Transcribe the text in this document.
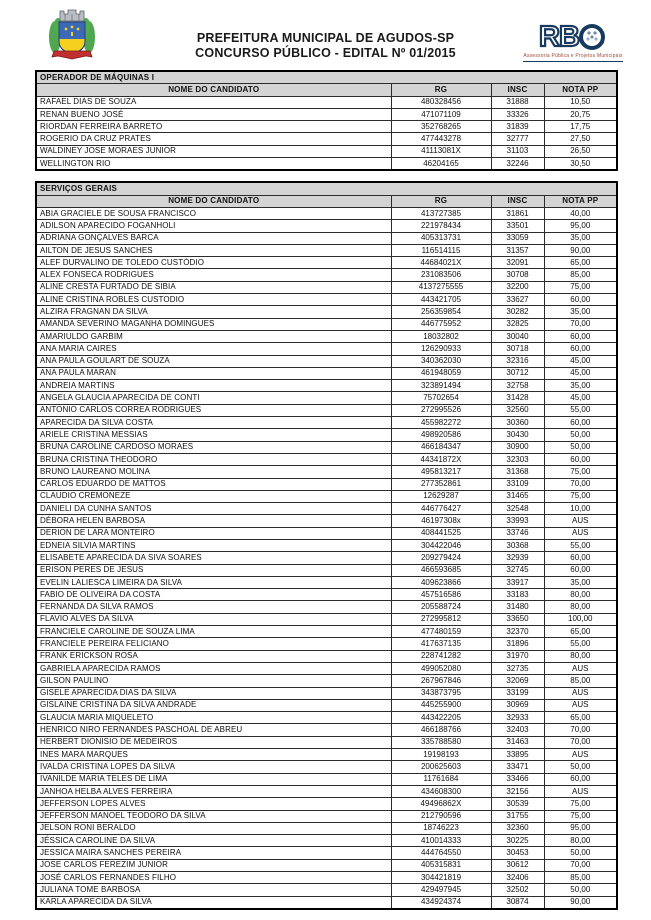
PREFEITURA MUNICIPAL DE AGUDOS-SP
CONCURSO PÚBLICO - EDITAL Nº 01/2015	RB
Assessoria Pública e Projetos Municipais
OPERADOR DE MÁQUINAS I			
NOME DO CANDIDATO	RG	INSC	NOTA PP
RAFAEL DIAS DE SOUZA	480328456	31888	10,50
RENAN BUENO JOSÉ	471071109	33326	20,75
RIORDAN FERREIRA BARRETO	352768265	31839	17,75
ROGERIO DA CRUZ PRATES	477443278	32777	27,50
WALDINEY JOSE MORAES JUNIOR	41113081X	31103	26,50
WELLINGTON RIO	46204165	32246	30,50
SERVIÇOS GERAIS			
NOME DO CANDIDATO	RG	INSC	NOTA PP
ABIA GRACIELE DE SOUSA FRANCISCO	413727385	31861	40,00
ADILSON APARECIDO FOGANHOLI	221978434	33501	95,00
ADRIANA GONÇALVES BARCA	405313731	33059	35,00
AILTON DE JESUS SANCHES	116514115	31357	90,00
ALEF DURVALINO DE TOLEDO CUSTÓDIO	44684021X	32091	65,00
ALEX FONSECA RODRIGUES	231083506	30708	85,00
ALINE CRESTA FURTADO DE SIBIA	4137275555	32200	75,00
ALINE CRISTINA ROBLES CUSTODIO	443421705	33627	60,00
ALZIRA FRAGNAN DA SILVA	256359854	30282	35,00
AMANDA SEVERINO MAGANHA DOMINGUES	446775952	32825	70,00
AMARIULDO GARBIM	18032802	30040	60,00
ANA MARIA CAIRES	126290933	30718	60,00
ANA PAULA GOULART DE SOUZA	340362030	32316	45,00
ANA PAULA MARAN	461948059	30712	45,00
ANDREIA MARTINS	323891494	32758	35,00
ANGELA GLAUCIA APARECIDA DE CONTI	75702654	31428	45,00
ANTONIO CARLOS CORREA RODRIGUES	272995526	32560	55,00
APARECIDA DA SILVA COSTA	455982272	30360	60,00
ARIELE CRISTINA MESSIAS	498920586	30430	50,00
BRUNA CAROLINE CARDOSO MORAES	466184347	30900	50,00
BRUNA CRISTINA THEODORO	44341872X	32303	60,00
BRUNO LAUREANO MOLINA	495813217	31368	75,00
CARLOS EDUARDO DE MATTOS	277352861	33109	70,00
CLAUDIO CREMONEZE	12629287	31465	75,00
DANIELI DA CUNHA SANTOS	446776427	32548	10,00
DÉBORA HELEN BARBOSA	46197308x	33993	AUS
DERION DE LARA MONTEIRO	408441525	33746	AUS
EDNEIA SILVIA MARTINS	304422046	30368	55,00
ELISABETE APARECIDA DA SIVA SOARES	209279424	32939	60,00
ERISON PERES DE JESUS	466593685	32745	60,00
EVELIN LALIESCA LIMEIRA DA SILVA	409623866	33917	35,00
FABIO DE OLIVEIRA DA COSTA	457516586	33183	80,00
FERNANDA DA SILVA RAMOS	205588724	31480	80,00
FLAVIO ALVES DA SILVA	272995812	33650	100,00
FRANCIELE CAROLINE DE SOUZA LIMA	477480159	32370	65,00
FRANCIELE PEREIRA FELICIANO	417637135	31896	55,00
FRANK ERICKSON ROSA	228741282	31970	80,00
GABRIELA APARECIDA RAMOS	499052080	32735	AUS
GILSON PAULINO	267967846	32069	85,00
GISELE APARECIDA DIAS DA SILVA	343873795	33199	AUS
GISLAINE CRISTINA DA SILVA ANDRADE	445255900	30969	AUS
GLAUCIA MARIA MIQUELETO	443422205	32933	65,00
HENRICO NIRO FERNANDES PASCHOAL DE ABREU	466188766	32403	70,00
HERBERT DIONISIO DE MEDEIROS	335788580	31463	70,00
INES MARA MARQUES	19198193	33895	AUS
IVALDA CRISTINA LOPES DA SILVA	200625603	33471	50,00
IVANILDE MARIA TELES DE LIMA	11761684	33466	60,00
JANHOA HELBA ALVES FERREIRA	434608300	32156	AUS
JEFFERSON LOPES ALVES	49496862X	30539	75,00
JEFFERSON MANOEL TEODORO DA SILVA	212790596	31755	75,00
JELSON RONI BERALDO	18746223	32360	95,00
JÉSSICA CAROLINE DA SILVA	410014333	30225	80,00
JESSICA MAIRA SANCHES PEREIRA	444764550	30453	50,00
JOSE CARLOS FEREZIM JUNIOR	405315831	30612	70,00
JOSÉ CARLOS FERNANDES FILHO	304421819	32406	85,00
JULIANA TOME BARBOSA	429497945	32502	50,00
KARLA APARECIDA DA SILVA	434924374	30874	90,00
